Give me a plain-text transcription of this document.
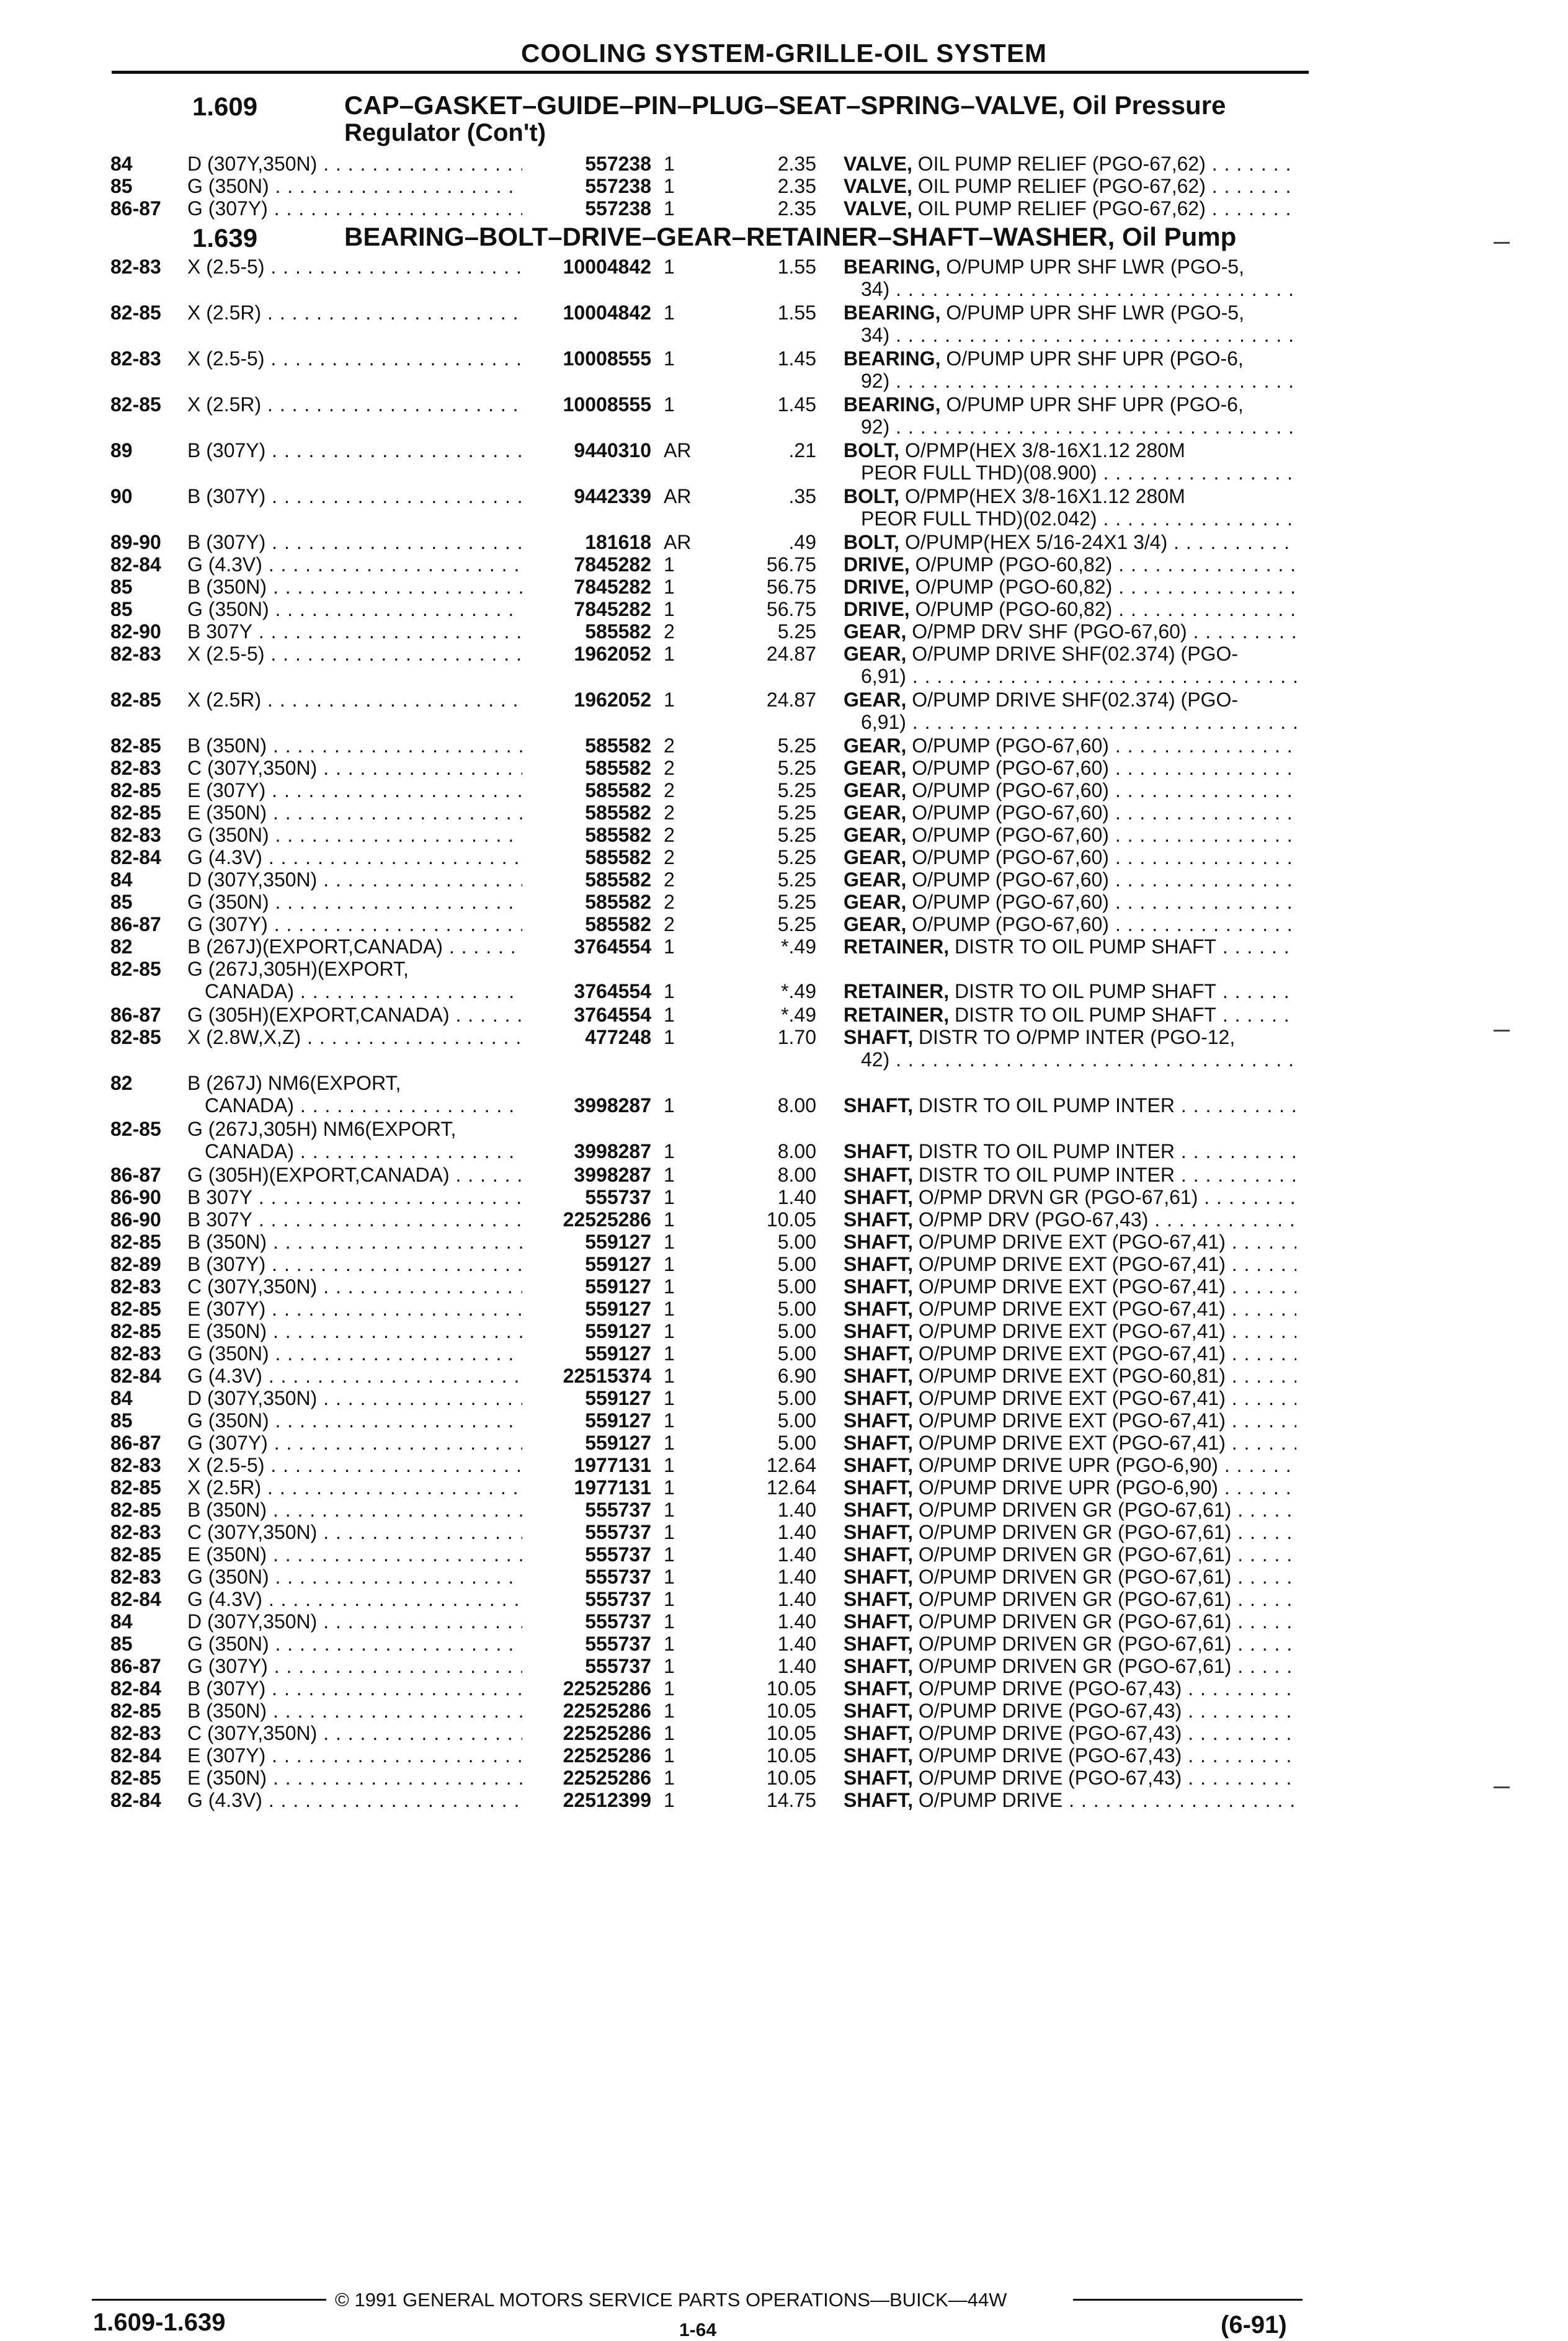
COOLING SYSTEM-GRILLE-OIL SYSTEM
1.609	CAP–GASKET–GUIDE–PIN–PLUG–SEAT–SPRING–VALVE, Oil Pressure
Regulator (Con't)
84	D (307Y,350N) . . .	557238 1	2.35 VALVE, OIL PUMP RELIEF (PGO-67,62) . . .
85	G (350N) . . .	557238 1	2.35 VALVE, OIL PUMP RELIEF (PGO-67,62) . . .
86-87 G (307Y) . . .	557238 1	2.35 VALVE, OIL PUMP RELIEF (PGO-67,62) . . .
1.639	BEARING–BOLT–DRIVE–GEAR–RETAINER–SHAFT–WASHER, Oil Pump
82-83 X (2.5-5) . . .	10004842 1	1.55 BEARING, O/PUMP UPR SHF LWR (PGO-5,
34) . . .
82-85 X (2.5R) . . .	10004842 1	1.55 BEARING, O/PUMP UPR SHF LWR (PGO-5,
34) . . .
82-83 X (2.5-5) . . .	10008555 1	1.45 BEARING, O/PUMP UPR SHF UPR (PGO-6,
92) . . .
82-85 X (2.5R) . . .	10008555 1	1.45 BEARING, O/PUMP UPR SHF UPR (PGO-6,
92) . . .
89	B (307Y) . . .	9440310 AR	.21 BOLT, O/PMP(HEX 3/8-16X1.12 280M
PEOR FULL THD)(08.900) . . .
90	B (307Y) . . .	9442339 AR	.35 BOLT, O/PMP(HEX 3/8-16X1.12 280M
PEOR FULL THD)(02.042) . . .
89-90 B (307Y) . . .	181618 AR	.49 BOLT, O/PUMP(HEX 5/16-24X1 3/4) . . .
82-84 G (4.3V) . . .	7845282 1	56.75 DRIVE, O/PUMP (PGO-60,82) . . .
85	B (350N) . . .	7845282 1	56.75 DRIVE, O/PUMP (PGO-60,82) . . .
85	G (350N) . . .	7845282 1	56.75 DRIVE, O/PUMP (PGO-60,82) . . .
82-90 B 307Y . . .	585582 2	5.25 GEAR, O/PMP DRV SHF (PGO-67,60) . . .
82-83 X (2.5-5) . . .	1962052 1	24.87 GEAR, O/PUMP DRIVE SHF(02.374) (PGO-
6,91) . . .
82-85 X (2.5R) . . .	1962052 1	24.87 GEAR, O/PUMP DRIVE SHF(02.374) (PGO-
6,91) . . .
82-85 B (350N) . . .	585582 2	5.25 GEAR, O/PUMP (PGO-67,60) . . .
82-83 C (307Y,350N) . . .	585582 2	5.25 GEAR, O/PUMP (PGO-67,60) . . .
82-85 E (307Y) . . .	585582 2	5.25 GEAR, O/PUMP (PGO-67,60) . . .
82-85 E (350N) . . .	585582 2	5.25 GEAR, O/PUMP (PGO-67,60) . . .
82-83 G (350N) . . .	585582 2	5.25 GEAR, O/PUMP (PGO-67,60) . . .
82-84 G (4.3V) . . .	585582 2	5.25 GEAR, O/PUMP (PGO-67,60) . . .
84	D (307Y,350N) . . .	585582 2	5.25 GEAR, O/PUMP (PGO-67,60) . . .
85	G (350N) . . .	585582 2	5.25 GEAR, O/PUMP (PGO-67,60) . . .
86-87 G (307Y) . . .	585582 2	5.25 GEAR, O/PUMP (PGO-67,60) . . .
82	B (267J)(EXPORT,CANADA) . . .	3764554 1	*.49 RETAINER, DISTR TO OIL PUMP SHAFT . . .
82-85 G (267J,305H)(EXPORT,
CANADA) . . .	3764554 1	*.49 RETAINER, DISTR TO OIL PUMP SHAFT . . .
86-87 G (305H)(EXPORT,CANADA) . . .	3764554 1	*.49 RETAINER, DISTR TO OIL PUMP SHAFT . . .
82-85 X (2.8W,X,Z) . . .	477248 1	1.70 SHAFT, DISTR TO O/PMP INTER (PGO-12,
42) . . .
82	B (267J) NM6(EXPORT,
CANADA) . . .	3998287 1	8.00 SHAFT, DISTR TO OIL PUMP INTER . . .
82-85 G (267J,305H) NM6(EXPORT,
CANADA) . . .	3998287 1	8.00 SHAFT, DISTR TO OIL PUMP INTER . . .
86-87 G (305H)(EXPORT,CANADA) . . .	3998287 1	8.00 SHAFT, DISTR TO OIL PUMP INTER . . .
86-90 B 307Y . . .	555737 1	1.40 SHAFT, O/PMP DRVN GR (PGO-67,61) . . .
86-90 B 307Y . . .	22525286 1	10.05 SHAFT, O/PMP DRV (PGO-67,43) . . .
82-85 B (350N) . . .	559127 1	5.00 SHAFT, O/PUMP DRIVE EXT (PGO-67,41) . . .
82-89 B (307Y) . . .	559127 1	5.00 SHAFT, O/PUMP DRIVE EXT (PGO-67,41) . . .
82-83 C (307Y,350N) . . .	559127 1	5.00 SHAFT, O/PUMP DRIVE EXT (PGO-67,41) . . .
82-85 E (307Y) . . .	559127 1	5.00 SHAFT, O/PUMP DRIVE EXT (PGO-67,41) . . .
82-85 E (350N) . . .	559127 1	5.00 SHAFT, O/PUMP DRIVE EXT (PGO-67,41) . . .
82-83 G (350N) . . .	559127 1	5.00 SHAFT, O/PUMP DRIVE EXT (PGO-67,41) . . .
82-84 G (4.3V) . . .	22515374 1	6.90 SHAFT, O/PUMP DRIVE EXT (PGO-60,81) . . .
84	D (307Y,350N) . . .	559127 1	5.00 SHAFT, O/PUMP DRIVE EXT (PGO-67,41) . . .
85	G (350N) . . .	559127 1	5.00 SHAFT, O/PUMP DRIVE EXT (PGO-67,41) . . .
86-87 G (307Y) . . .	559127 1	5.00 SHAFT, O/PUMP DRIVE EXT (PGO-67,41) . . .
82-83 X (2.5-5) . . .	1977131 1	12.64 SHAFT, O/PUMP DRIVE UPR (PGO-6,90) . . .
82-85 X (2.5R) . . .	1977131 1	12.64 SHAFT, O/PUMP DRIVE UPR (PGO-6,90) . . .
82-85 B (350N) . . .	555737 1	1.40 SHAFT, O/PUMP DRIVEN GR (PGO-67,61) . . .
82-83 C (307Y,350N) . . .	555737 1	1.40 SHAFT, O/PUMP DRIVEN GR (PGO-67,61) . . .
82-85 E (350N) . . .	555737 1	1.40 SHAFT, O/PUMP DRIVEN GR (PGO-67,61) . . .
82-83 G (350N) . . .	555737 1	1.40 SHAFT, O/PUMP DRIVEN GR (PGO-67,61) . . .
82-84 G (4.3V) . . .	555737 1	1.40 SHAFT, O/PUMP DRIVEN GR (PGO-67,61) . . .
84	D (307Y,350N) . . .	555737 1	1.40 SHAFT, O/PUMP DRIVEN GR (PGO-67,61) . . .
85	G (350N) . . .	555737 1	1.40 SHAFT, O/PUMP DRIVEN GR (PGO-67,61) . . .
86-87 G (307Y) . . .	555737 1	1.40 SHAFT, O/PUMP DRIVEN GR (PGO-67,61) . . .
82-84 B (307Y) . . .	22525286 1	10.05 SHAFT, O/PUMP DRIVE (PGO-67,43) . . .
82-85 B (350N) . . .	22525286 1	10.05 SHAFT, O/PUMP DRIVE (PGO-67,43) . . .
82-83 C (307Y,350N) . . .	22525286 1	10.05 SHAFT, O/PUMP DRIVE (PGO-67,43) . . .
82-84 E (307Y) . . .	22525286 1	10.05 SHAFT, O/PUMP DRIVE (PGO-67,43) . . .
82-85 E (350N) . . .	22525286 1	10.05 SHAFT, O/PUMP DRIVE (PGO-67,43) . . .
82-84 G (4.3V) . . .	22512399 1	14.75 SHAFT, O/PUMP DRIVE . . .
© 1991 GENERAL MOTORS SERVICE PARTS OPERATIONS—BUICK—44W
1.609-1.639	1-64	(6-91)
